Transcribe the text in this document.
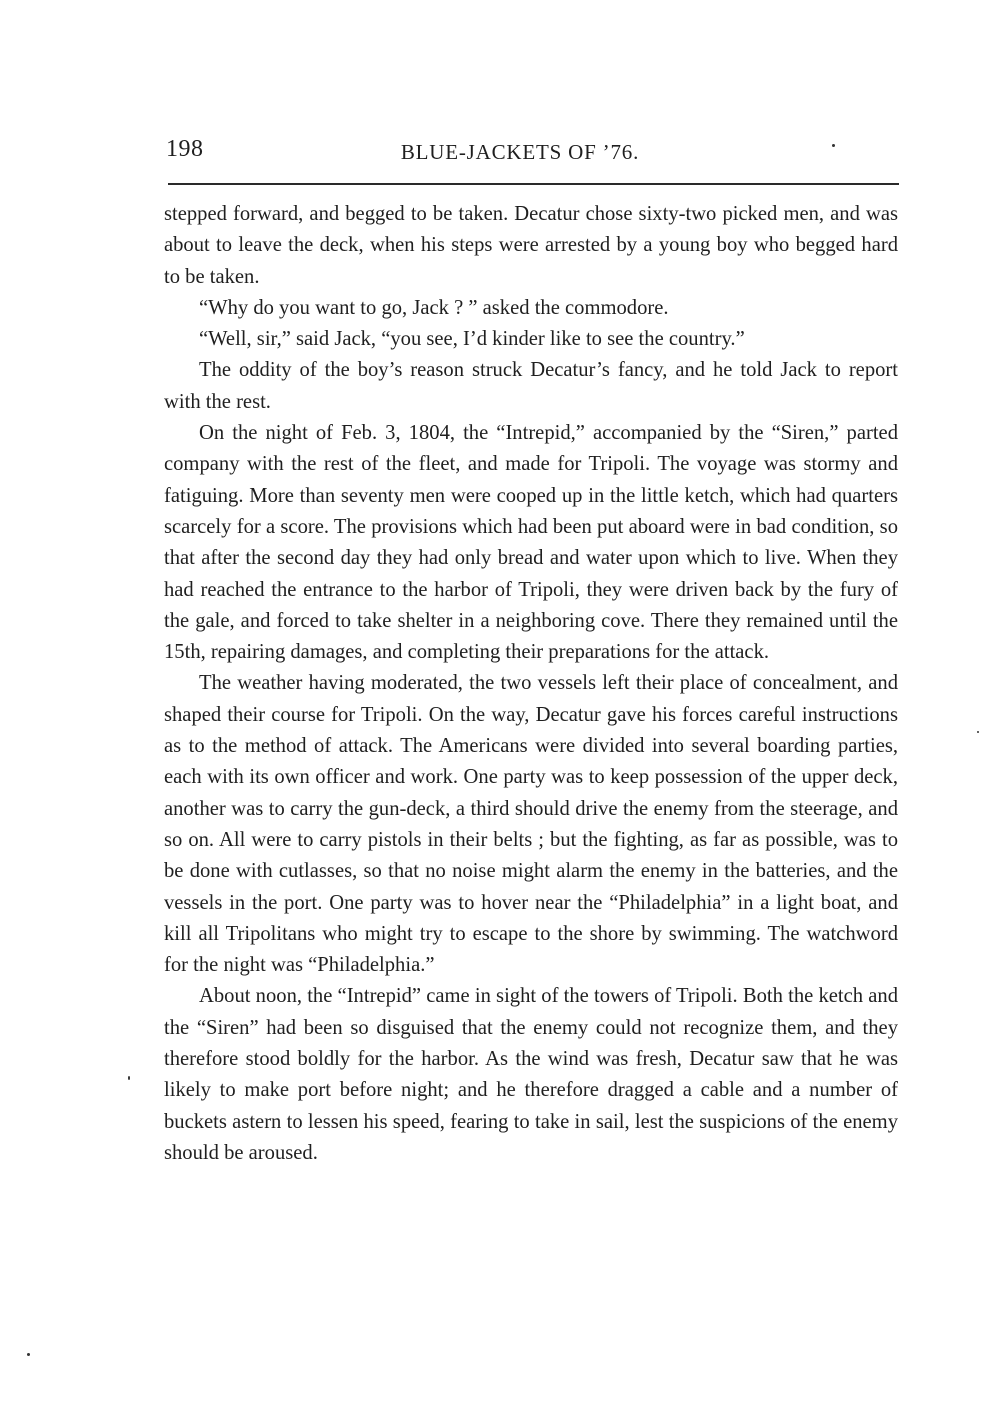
198	BLUE-JACKETS OF ’76.

stepped forward, and begged to be taken. Decatur chose sixty-two picked men, and was about to leave the deck, when his steps were arrested by a young boy who begged hard to be taken.

“Why do you want to go, Jack ? ” asked the commodore.

“Well, sir,” said Jack, “you see, I’d kinder like to see the country.”

The oddity of the boy’s reason struck Decatur’s fancy, and he told Jack to report with the rest.

On the night of Feb. 3, 1804, the “Intrepid,” accompanied by the “Siren,” parted company with the rest of the fleet, and made for Tripoli. The voyage was stormy and fatiguing. More than seventy men were cooped up in the little ketch, which had quarters scarcely for a score. The provisions which had been put aboard were in bad condition, so that after the second day they had only bread and water upon which to live. When they had reached the entrance to the harbor of Tripoli, they were driven back by the fury of the gale, and forced to take shelter in a neighboring cove. There they remained until the 15th, repairing damages, and completing their preparations for the attack.

The weather having moderated, the two vessels left their place of concealment, and shaped their course for Tripoli. On the way, Decatur gave his forces careful instructions as to the method of attack. The Americans were divided into several boarding parties, each with its own officer and work. One party was to keep possession of the upper deck, another was to carry the gun-deck, a third should drive the enemy from the steerage, and so on. All were to carry pistols in their belts ; but the fighting, as far as possible, was to be done with cutlasses, so that no noise might alarm the enemy in the batteries, and the vessels in the port. One party was to hover near the “Philadelphia” in a light boat, and kill all Tripolitans who might try to escape to the shore by swimming. The watchword for the night was “Philadelphia.”

About noon, the “Intrepid” came in sight of the towers of Tripoli. Both the ketch and the “Siren” had been so disguised that the enemy could not recognize them, and they therefore stood boldly for the harbor. As the wind was fresh, Decatur saw that he was likely to make port before night; and he therefore dragged a cable and a number of buckets astern to lessen his speed, fearing to take in sail, lest the suspicions of the enemy should be aroused.
